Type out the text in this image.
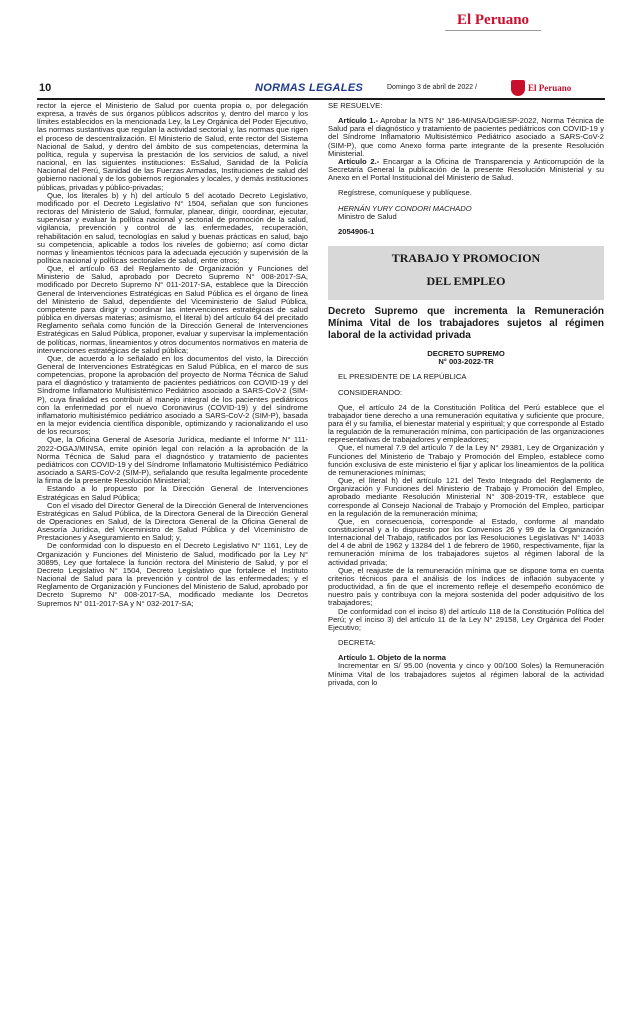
El Peruano
10	NORMAS LEGALES	Domingo 3 de abril de 2022 /	El Peruano

rector la ejerce el Ministerio de Salud por cuenta propia o, por delegación expresa, a través de sus órganos públicos adscritos y, dentro del marco y los límites establecidos en la mencionada Ley, la Ley Orgánica del Poder Ejecutivo, las normas sustantivas que regulan la actividad sectorial y, las normas que rigen el proceso de descentralización. El Ministerio de Salud, ente rector del Sistema Nacional de Salud, y dentro del ámbito de sus competencias, determina la política, regula y supervisa la prestación de los servicios de salud, a nivel nacional, en las siguientes instituciones: EsSalud, Sanidad de la Policía Nacional del Perú, Sanidad de las Fuerzas Armadas, Instituciones de salud del gobierno nacional y de los gobiernos regionales y locales, y demás instituciones públicas, privadas y público-privadas;

Que, los literales b) y h) del artículo 5 del acotado Decreto Legislativo, modificado por el Decreto Legislativo N° 1504, señalan que son funciones rectoras del Ministerio de Salud, formular, planear, dirigir, coordinar, ejecutar, supervisar y evaluar la política nacional y sectorial de promoción de la salud, vigilancia, prevención y control de las enfermedades, recuperación, rehabilitación en salud, tecnologías en salud y buenas prácticas en salud, bajo su competencia, aplicable a todos los niveles de gobierno; así como dictar normas y lineamientos técnicos para la adecuada ejecución y supervisión de la política nacional y políticas sectoriales de salud, entre otros;

Que, el artículo 63 del Reglamento de Organización y Funciones del Ministerio de Salud, aprobado por Decreto Supremo N° 008-2017-SA, modificado por Decreto Supremo N° 011-2017-SA, establece que la Dirección General de Intervenciones Estratégicas en Salud Pública es el órgano de línea del Ministerio de Salud, dependiente del Viceministerio de Salud Pública, competente para dirigir y coordinar las intervenciones estratégicas de salud pública en diversas materias; asimismo, el literal b) del artículo 64 del precitado Reglamento señala como función de la Dirección General de Intervenciones Estratégicas en Salud Pública, proponer, evaluar y supervisar la implementación de políticas, normas, lineamientos y otros documentos normativos en materia de intervenciones estratégicas de salud pública;

Que, de acuerdo a lo señalado en los documentos del visto, la Dirección General de Intervenciones Estratégicas en Salud Pública, en el marco de sus competencias, propone la aprobación del proyecto de Norma Técnica de Salud para el diagnóstico y tratamiento de pacientes pediátricos con COVID-19 y del Síndrome Inflamatorio Multisistémico Pediátrico asociado a SARS-CoV-2 (SIM-P), cuya finalidad es contribuir al manejo integral de los pacientes pediátricos con la enfermedad por el nuevo Coronavirus (COVID-19) y del síndrome inflamatorio multisistémico pediátrico asociado a SARS-CoV-2 (SIM-P), basada en la mejor evidencia científica disponible, optimizando y racionalizando el uso de los recursos;

Que, la Oficina General de Asesoría Jurídica, mediante el Informe N° 111-2022-OGAJ/MINSA, emite opinión legal con relación a la aprobación de la Norma Técnica de Salud para el diagnóstico y tratamiento de pacientes pediátricos con COVID-19 y del Síndrome Inflamatorio Multisistémico Pediátrico asociado a SARS-CoV-2 (SIM-P), señalando que resulta legalmente procedente la firma de la presente Resolución Ministerial;

Estando a lo propuesto por la Dirección General de Intervenciones Estratégicas en Salud Pública;

Con el visado del Director General de la Dirección General de Intervenciones Estratégicas en Salud Pública, de la Directora General de la Dirección General de Operaciones en Salud, de la Directora General de la Oficina General de Asesoría Jurídica, del Viceministro de Salud Pública y del Viceministro de Prestaciones y Aseguramiento en Salud; y,

De conformidad con lo dispuesto en el Decreto Legislativo N° 1161, Ley de Organización y Funciones del Ministerio de Salud, modificado por la Ley N° 30895, Ley que fortalece la función rectora del Ministerio de Salud, y por el Decreto Legislativo N° 1504, Decreto Legislativo que fortalece el Instituto Nacional de Salud para la prevención y control de las enfermedades; y el Reglamento de Organización y Funciones del Ministerio de Salud, aprobado por Decreto Supremo N° 008-2017-SA, modificado mediante los Decretos Supremos N° 011-2017-SA y N° 032-2017-SA;

SE RESUELVE:

Artículo 1.- Aprobar la NTS N° 186-MINSA/DGIESP-2022, Norma Técnica de Salud para el diagnóstico y tratamiento de pacientes pediátricos con COVID-19 y del Síndrome Inflamatorio Multisistémico Pediátrico asociado a SARS-CoV-2 (SIM-P), que como Anexo forma parte integrante de la presente Resolución Ministerial.

Artículo 2.- Encargar a la Oficina de Transparencia y Anticorrupción de la Secretaría General la publicación de la presente Resolución Ministerial y su Anexo en el Portal Institucional del Ministerio de Salud.

Regístrese, comuníquese y publíquese.

HERNÁN YURY CONDORI MACHADO

Ministro de Salud

2054906-1

TRABAJO Y PROMOCION
DEL EMPLEO
Decreto Supremo que incrementa la Remuneración Mínima Vital de los trabajadores sujetos al régimen laboral de la actividad privada

DECRETO SUPREMO

N° 003-2022-TR

EL PRESIDENTE DE LA REPÚBLICA

CONSIDERANDO:

Que, el artículo 24 de la Constitución Política del Perú establece que el trabajador tiene derecho a una remuneración equitativa y suficiente que procure, para él y su familia, el bienestar material y espiritual; y que corresponde al Estado la regulación de la remuneración mínima, con participación de las organizaciones representativas de trabajadores y empleadores;

Que, el numeral 7.9 del artículo 7 de la Ley N° 29381, Ley de Organización y Funciones del Ministerio de Trabajo y Promoción del Empleo, establece como función exclusiva de este ministerio el fijar y aplicar los lineamientos de la política de remuneraciones mínimas;

Que, el literal h) del artículo 121 del Texto Integrado del Reglamento de Organización y Funciones del Ministerio de Trabajo y Promoción del Empleo, aprobado mediante Resolución Ministerial N° 308-2019-TR, establece que corresponde al Consejo Nacional de Trabajo y Promoción del Empleo, participar en la regulación de la remuneración mínima;

Que, en consecuencia, corresponde al Estado, conforme al mandato constitucional y a lo dispuesto por los Convenios 26 y 99 de la Organización Internacional del Trabajo, ratificados por las Resoluciones Legislativas N° 14033 del 4 de abril de 1962 y 13284 del 1 de febrero de 1960, respectivamente, fijar la remuneración mínima de los trabajadores sujetos al régimen laboral de la actividad privada;

Que, el reajuste de la remuneración mínima que se dispone toma en cuenta criterios técnicos para el análisis de los índices de inflación subyacente y productividad, a fin de que el incremento refleje el desempeño económico de nuestro país y contribuya con la mejora sostenida del poder adquisitivo de los trabajadores;

De conformidad con el inciso 8) del artículo 118 de la Constitución Política del Perú; y el inciso 3) del artículo 11 de la Ley N° 29158, Ley Orgánica del Poder Ejecutivo;

DECRETA:

Artículo 1. Objeto de la norma

Incrementar en S/ 95.00 (noventa y cinco y 00/100 Soles) la Remuneración Mínima Vital de los trabajadores sujetos al régimen laboral de la actividad privada, con lo
